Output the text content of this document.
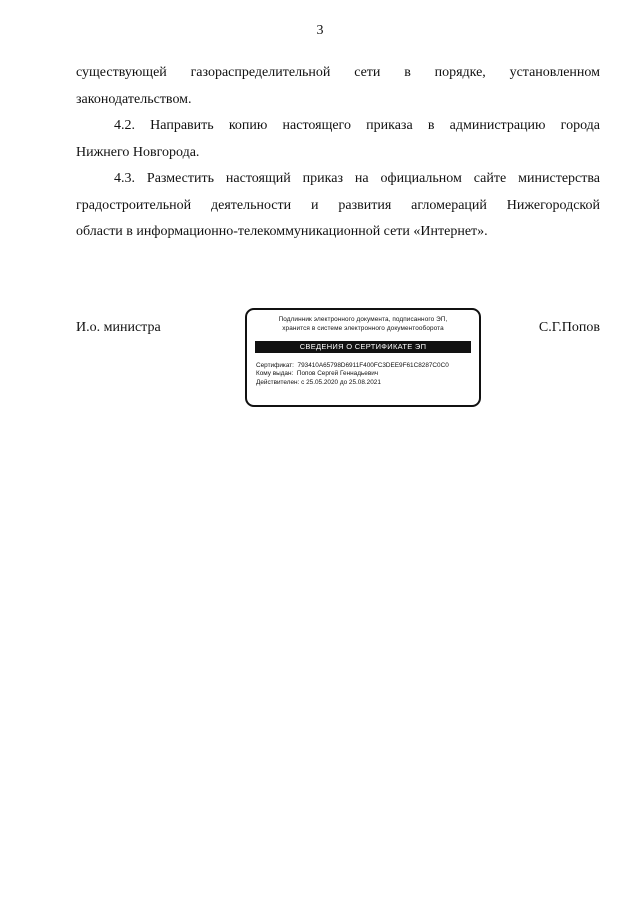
3

существующей газораспределительной сети в порядке, установленном

законодательством.

4.2. Направить копию настоящего приказа в администрацию города

Нижнего Новгорода.

4.3. Разместить настоящий приказ на официальном сайте министерства

градостроительной деятельности и развития агломераций Нижегородской

области в информационно-телекоммуникационной сети «Интернет».

И.о. министра
Подлинник электронного документа, подписанного ЭП,
хранится в системе электронного документооборота
СВЕДЕНИЯ О СЕРТИФИКАТЕ ЭП
Сертификат: 793410A65798D6911F400FC3DEE9F61C8287C0C0
Кому выдан: Попов Сергей Геннадьевич
Действителен: с 25.05.2020 до 25.08.2021
С.Г.Попов
